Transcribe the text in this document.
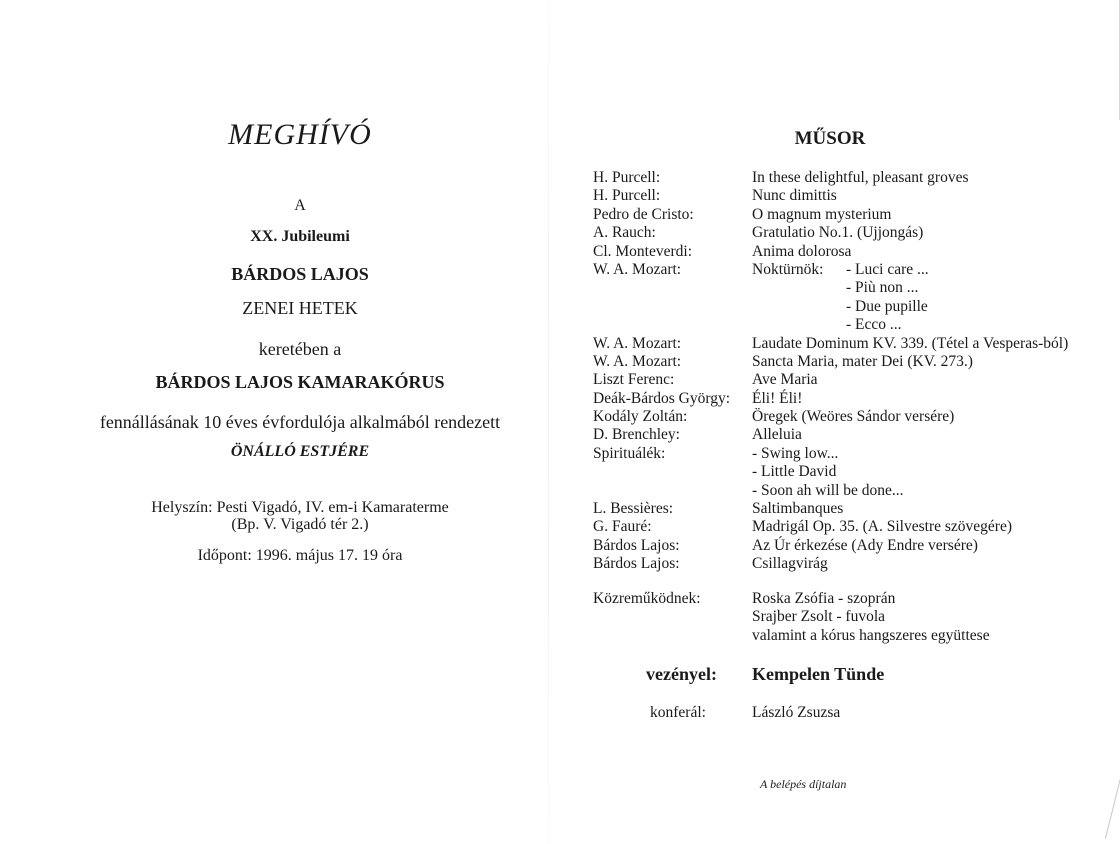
MEGHÍVÓ
A
XX. Jubileumi
BÁRDOS LAJOS
ZENEI HETEK
keretében a
BÁRDOS LAJOS KAMARAKÓRUS
fennállásának 10 éves évfordulója alkalmából rendezett
ÖNÁLLÓ ESTJÉRE
Helyszín: Pesti Vigadó, IV. em-i Kamaraterme
(Bp. V. Vigadó tér 2.)
Időpont: 1996. május 17. 19 óra
MŰSOR
H. Purcell:	In these delightful, pleasant groves
H. Purcell:	Nunc dimittis
Pedro de Cristo:	O magnum mysterium
A. Rauch:	Gratulatio No.1. (Ujjongás)
Cl. Monteverdi:	Anima dolorosa
W. A. Mozart:	Noktürnök: - Luci care ...
- Più non ...
- Due pupille
- Ecco ...
W. A. Mozart:	Laudate Dominum KV. 339. (Tétel a Vesperas-ból)
W. A. Mozart:	Sancta Maria, mater Dei (KV. 273.)
Liszt Ferenc:	Ave Maria
Deák-Bárdos György: Éli! Éli!
Kodály Zoltán:	Öregek (Weöres Sándor versére)
D. Brenchley:	Alleluia
Spirituálék:	- Swing low...
- Little David
- Soon ah will be done...
L. Bessières:	Saltimbanques
G. Fauré:	Madrigál Op. 35. (A. Silvestre szövegére)
Bárdos Lajos:	Az Úr érkezése (Ady Endre versére)
Bárdos Lajos:	Csillagvirág
Közreműködnek:	Roska Zsófia - szoprán
Srajber Zsolt - fuvola
valamint a kórus hangszeres együttese
vezényel: Kempelen Tünde
konferál:	László Zsuzsa
A belépés díjtalan
